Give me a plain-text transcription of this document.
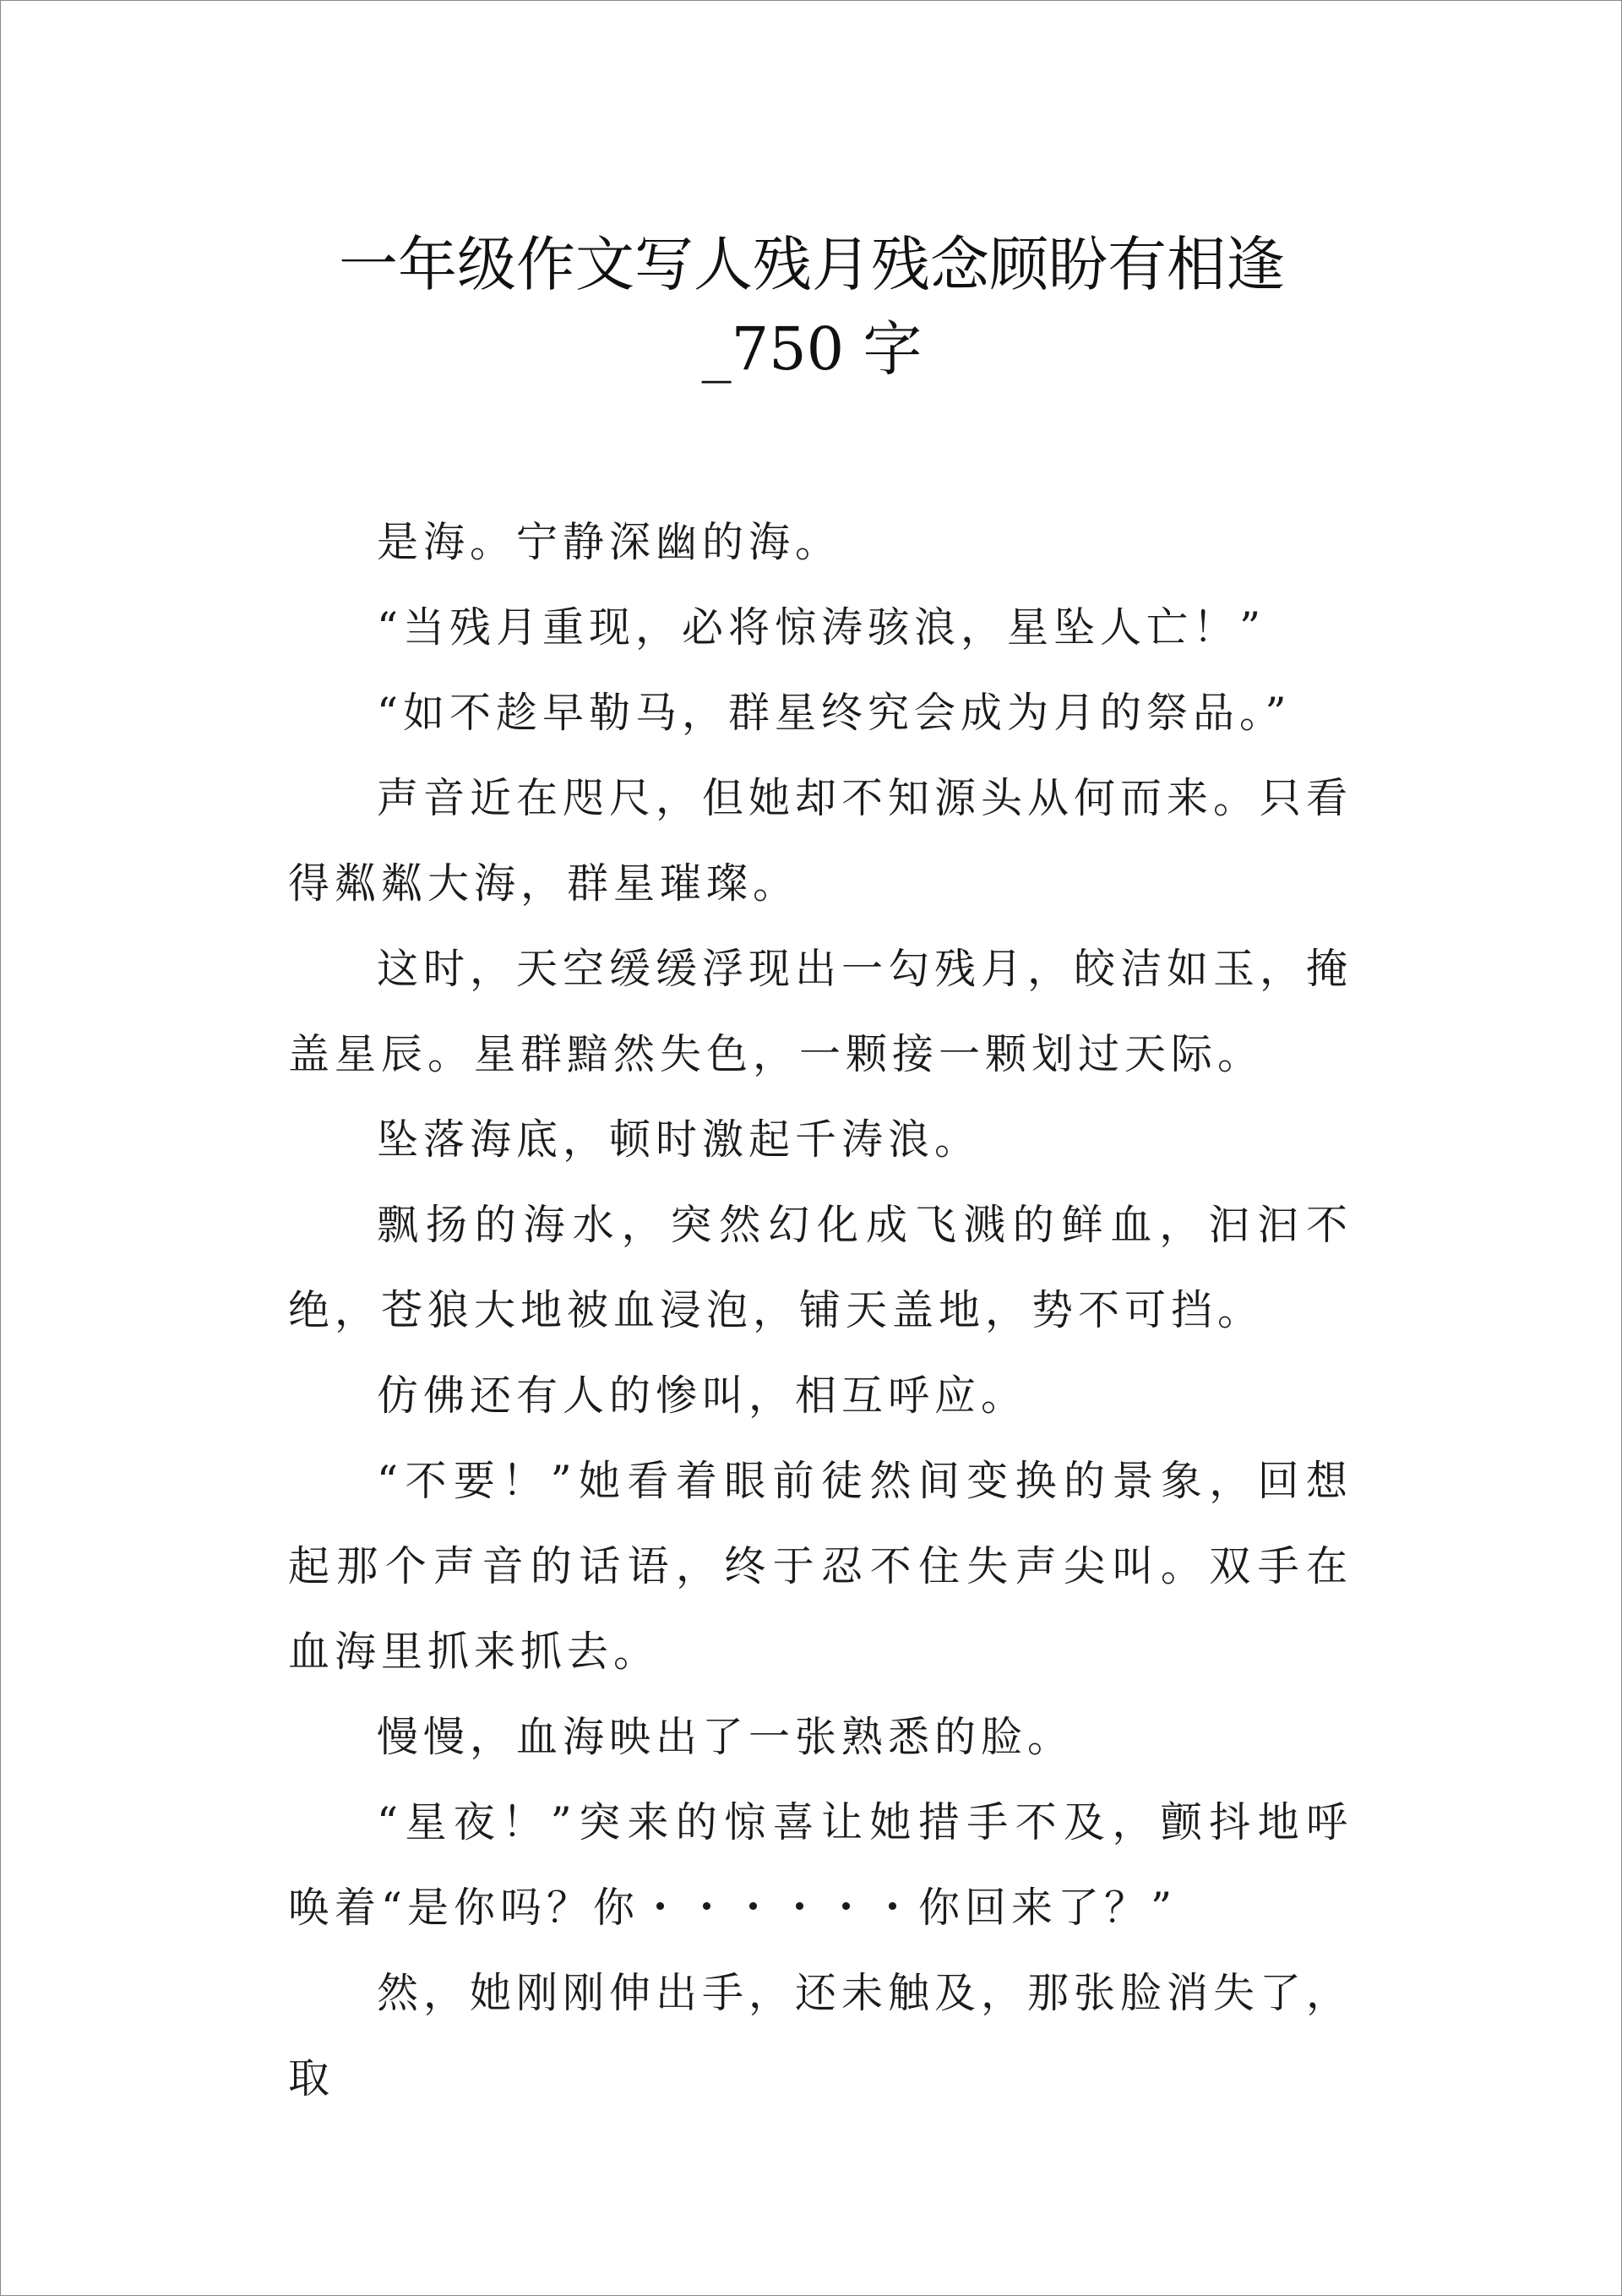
一年级作文写人残月残念顾盼有相逢
_750 字

是海。宁静深幽的海。

“当残月重现，必将惊涛骇浪，星坠人亡！”

“如不趁早勒马，群星终究会成为月的祭品。”

声音近在咫尺，但她却不知源头从何而来。只看得粼粼大海，群星璀璨。

这时，天空缓缓浮现出一勾残月，皎洁如玉，掩盖星辰。星群黯然失色，一颗接一颗划过天际。

坠落海底，顿时激起千涛浪。

飘扬的海水，突然幻化成飞溅的鲜血，汩汩不绝，苍狼大地被血浸泡，铺天盖地，势不可挡。

仿佛还有人的惨叫，相互呼应。

“不要！”她看着眼前徒然间变换的景象，回想起那个声音的话语，终于忍不住失声尖叫。双手在血海里抓来抓去。

慢慢，血海映出了一张熟悉的脸。

“星夜！”突来的惊喜让她措手不及，颤抖地呼唤着“是你吗？你・・・・・・你回来了？”

然，她刚刚伸出手，还未触及，那张脸消失了，取
